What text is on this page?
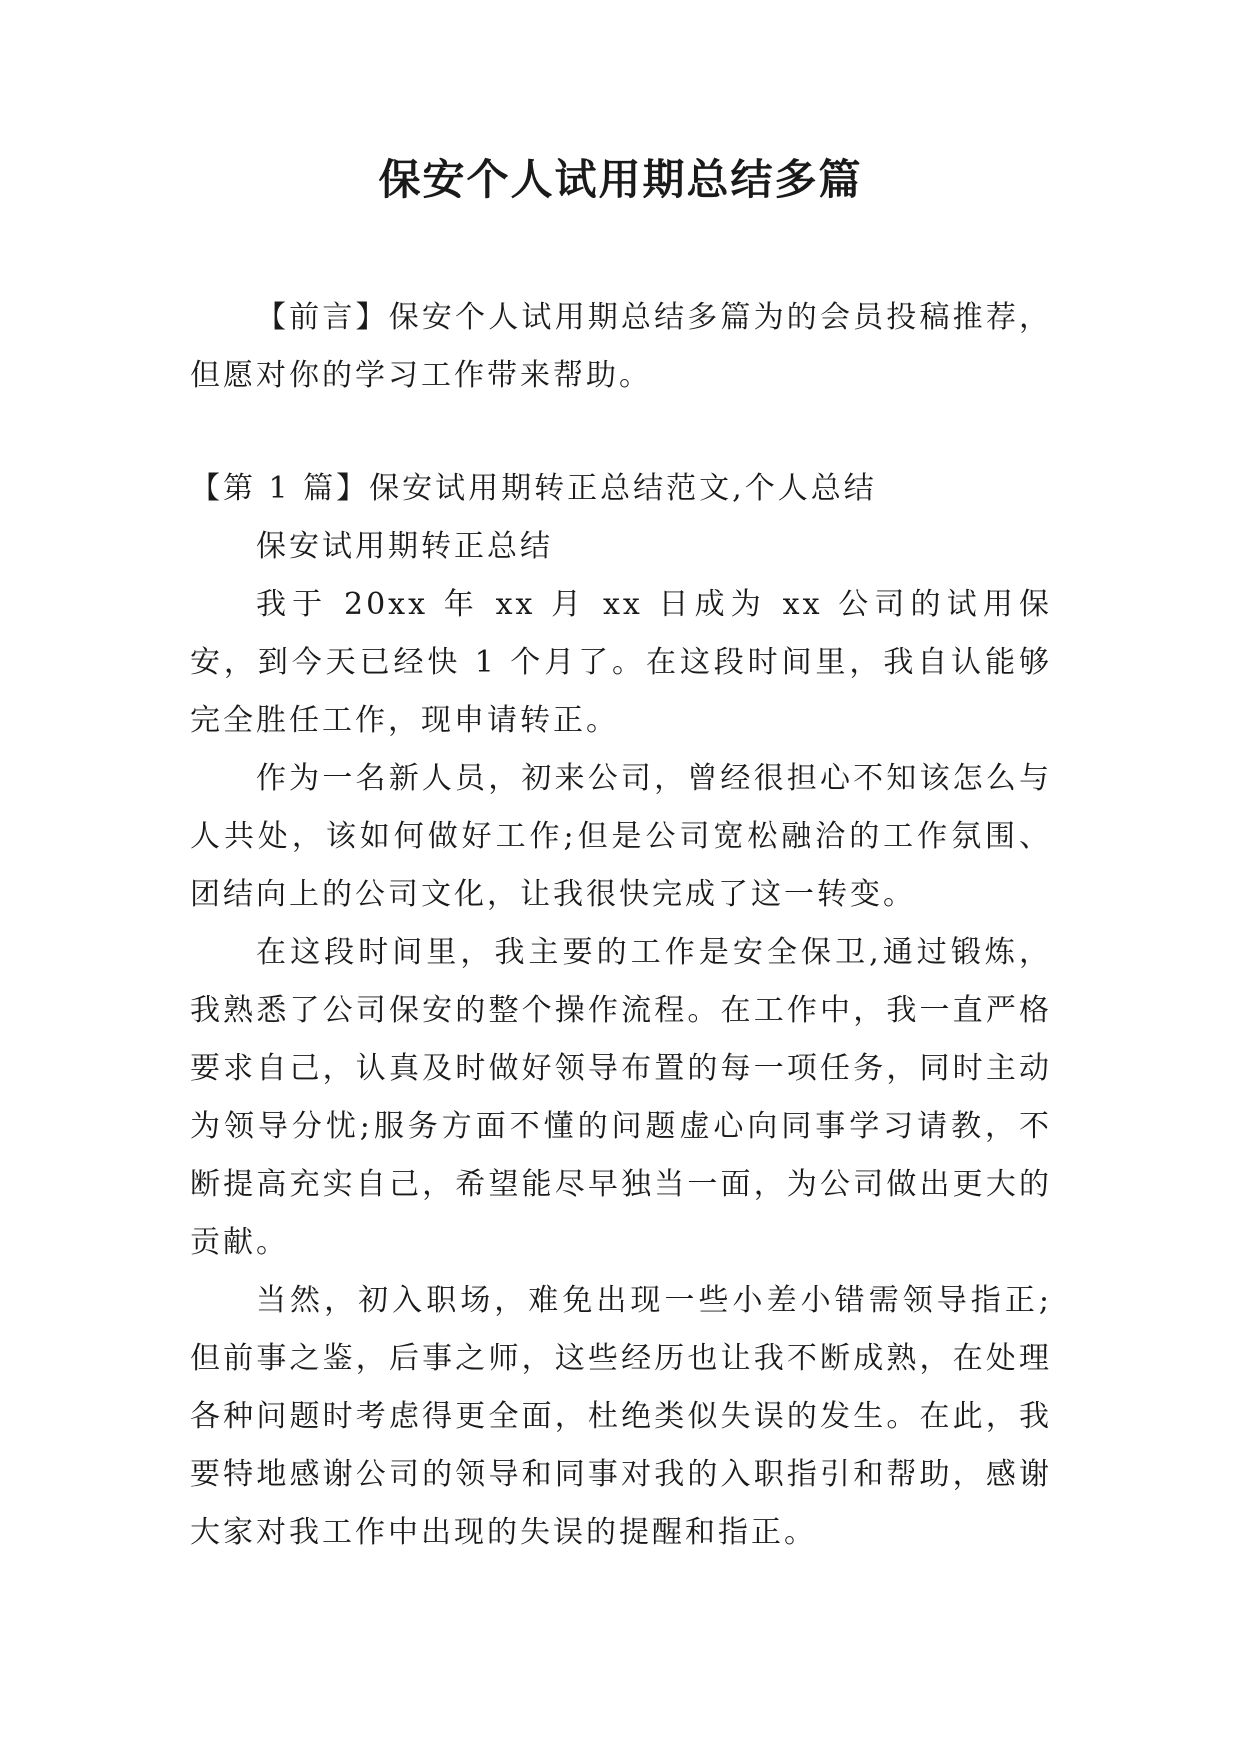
保安个人试用期总结多篇

【前言】保安个人试用期总结多篇为的会员投稿推荐，但愿对你的学习工作带来帮助。

【第 1 篇】保安试用期转正总结范文,个人总结

保安试用期转正总结

我于 20xx 年 xx 月 xx 日成为 xx 公司的试用保安，到今天已经快 1 个月了。在这段时间里，我自认能够完全胜任工作，现申请转正。

作为一名新人员，初来公司，曾经很担心不知该怎么与人共处，该如何做好工作;但是公司宽松融洽的工作氛围、团结向上的公司文化，让我很快完成了这一转变。

在这段时间里，我主要的工作是安全保卫,通过锻炼，我熟悉了公司保安的整个操作流程。在工作中，我一直严格要求自己，认真及时做好领导布置的每一项任务，同时主动为领导分忧;服务方面不懂的问题虚心向同事学习请教，不断提高充实自己，希望能尽早独当一面，为公司做出更大的贡献。

当然，初入职场，难免出现一些小差小错需领导指正;但前事之鉴，后事之师，这些经历也让我不断成熟，在处理各种问题时考虑得更全面，杜绝类似失误的发生。在此，我要特地感谢公司的领导和同事对我的入职指引和帮助，感谢大家对我工作中出现的失误的提醒和指正。
